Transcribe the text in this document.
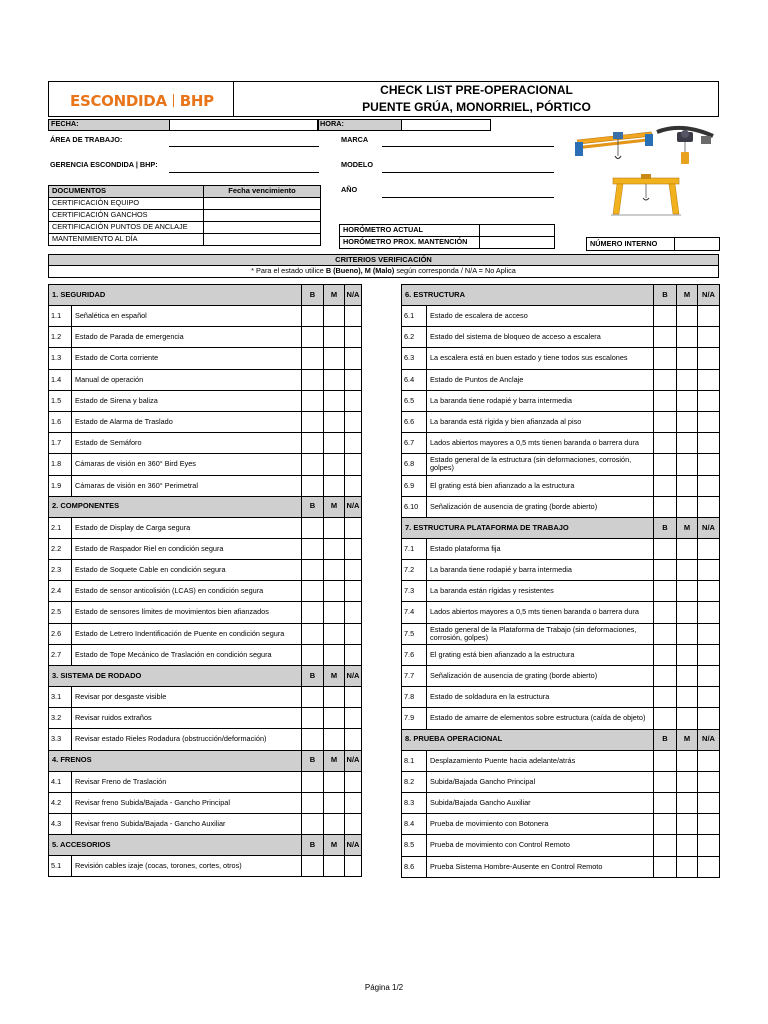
ESCONDIDA BHP
CHECK LIST PRE-OPERACIONAL
PUENTE GRÚA, MONORRIEL, PÓRTICO
FECHA:	HORA:
ÁREA DE TRABAJO:	MARCA
GERENCIA ESCONDIDA | BHP:	MODELO
AÑO
DOCUMENTOS	Fecha vencimiento
CERTIFICACIÓN EQUIPO	
CERTIFICACIÓN GANCHOS	
CERTIFICACIÓN PUNTOS DE ANCLAJE	
MANTENIMIENTO AL DÍA	
HORÓMETRO ACTUAL	
HORÓMETRO PROX. MANTENCIÓN		NÚMERO INTERNO	
CRITERIOS VERIFICACIÓN
* Para el estado utilice B (Bueno), M (Malo) según corresponda / N/A = No Aplica
1. SEGURIDAD		B	M	N/A
1.1	Señalética en español			
1.2	Estado de Parada de emergencia			
1.3	Estado de Corta corriente			
1.4	Manual de operación			
1.5	Estado de Sirena y baliza			
1.6	Estado de Alarma de Traslado			
1.7	Estado de Semáforo			
1.8	Cámaras de visión en 360° Bird Eyes			
1.9	Cámaras de visión en 360° Perimetral			
2. COMPONENTES		B	M	N/A
2.1	Estado de Display de Carga segura			
2.2	Estado de Raspador Riel en condición segura			
2.3	Estado de Soquete Cable en condición segura			
2.4	Estado de sensor anticolisión (LCAS) en condición segura			
2.5	Estado de sensores límites de movimientos bien afianzados			
2.6	Estado de Letrero Indentificación de Puente en condición segura			
2.7	Estado de Tope Mecánico de Traslación en condición segura			
3. SISTEMA DE RODADO		B	M	N/A
3.1	Revisar por desgaste visible			
3.2	Revisar ruidos extraños			
3.3	Revisar estado Rieles Rodadura (obstrucción/deformación)			
4. FRENOS		B	M	N/A
4.1	Revisar Freno de Traslación			
4.2	Revisar freno Subida/Bajada - Gancho Principal			
4.3	Revisar freno Subida/Bajada - Gancho Auxiliar			
5. ACCESORIOS		B	M	N/A
5.1	Revisión cables izaje (cocas, torones, cortes, otros)			
6. ESTRUCTURA		B	M	N/A
6.1	Estado de escalera de acceso			
6.2	Estado del sistema de bloqueo de acceso a escalera			
6.3	La escalera está en buen estado y tiene todos sus escalones			
6.4	Estado de Puntos de Anclaje			
6.5	La baranda tiene rodapié y barra intermedia			
6.6	La baranda está rígida y bien afianzada al piso			
6.7	Lados abiertos mayores a 0,5 mts tienen baranda o barrera dura			
6.8	Estado general de la estructura (sin deformaciones, corrosión, golpes)			
6.9	El grating está bien afianzado a la estructura			
6.10	Señalización de ausencia de grating (borde abierto)			
7. ESTRUCTURA PLATAFORMA DE TRABAJO		B	M	N/A
7.1	Estado plataforma fija			
7.2	La baranda tiene rodapié y barra intermedia			
7.3	La baranda están rígidas y resistentes			
7.4	Lados abiertos mayores a 0,5 mts tienen baranda o barrera dura			
7.5	Estado general de la Plataforma de Trabajo (sin deformaciones, corrosión, golpes)			
7.6	El grating está bien afianzado a la estructura			
7.7	Señalización de ausencia de grating (borde abierto)			
7.8	Estado de soldadura en la estructura			
7.9	Estado de amarre de elementos sobre estructura (caída de objeto)			
8. PRUEBA OPERACIONAL		B	M	N/A
8.1	Desplazamiento Puente hacia adelante/atrás			
8.2	Subida/Bajada Gancho Principal			
8.3	Subida/Bajada Gancho Auxiliar			
8.4	Prueba de movimiento con Botonera			
8.5	Prueba de movimiento con Control Remoto			
8.6	Prueba Sistema Hombre-Ausente en Control Remoto			
Página 1/2
